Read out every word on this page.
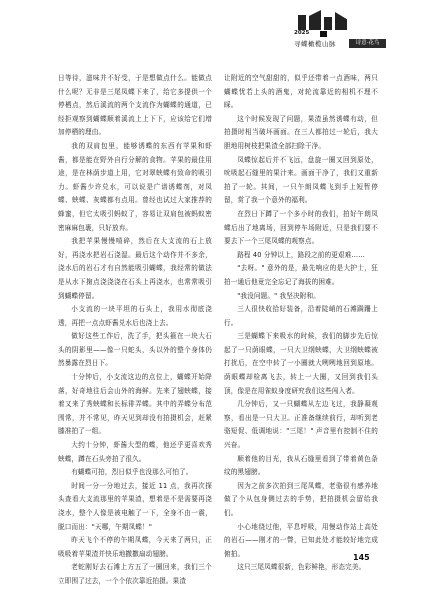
2025
寻蝶橄榄山脉	诗意·花鸟

日等待，滋味并不好受，于是想做点什么。能做点什么呢？无非是三尾凤蝶下来了，给它多提供一个停栖点，然后溪流的两个支流作为蝴蝶的通道，已经拒观察到蝴蝶顺着溪流上上下下，应该给它们增加停栖的理由。

我的双肩包里，能够诱蝶的东西有苹果和虾酱，都是能在野外自行分解的食物。苹果的最佳用途，是在林荫步道上用，它对翠蛱蝶有致命的吸引力。虾酱少许兑水，可以说是广谱诱蝶剂，对凤蝶、蛱蝶、灰蝶都有点用。曾经也试过大家推荐的蜂蜜，但它太吸引蚂蚁了，容易让双肩包被蚂蚁密密麻麻包裹，只好放弃。

我把苹果慢慢啃碎，然后在大支流的石上放好，再浇水把岩石浇湿。最后这个动作并不多余，浇水后的岩石才有自然能吸引蝴蝶，我经常的做法是从水下掬点浇浇浇在石头上再浇水，也常常吸引到蝴蝶停留。

小支流的一块平坦的石头上，我用水彻底浇透，再把一点点虾酱兑水后也浇上去。

做好这些工作后，洗了手，把头箍在一块大石头的阴影里——像一只蛇头，头以外的整个身体仍然暴露在烈日下。

十分钟后，小支流这边的点位上，蝴蝶开始降落，好奇地往后会山外的海鲜。先来了翅蛱蝶，接着又来了秀蛱蝶和长标徘弄蝶。其中的弄蝶分布范围常，并不常见，昨天见到却没有拍摄机会，赶紧膝准拍了一组。

大约十分钟，虾酱大型的蝶，他还乎更喜欢秀蛱蝶，蹲在石头旁拍了很久。

有蝴蝶可拍，烈日似乎也没那么可怕了。

时间一分一分地过去，接近 11 点，我再次探头查看大支流那里的苹果渣，想着是不是需要再浇浇水，整个人像是被电触了一下，全身不由一震，脱口而出："天哪，午期凤蝶！"

昨天飞个不停的午期凤蝶，今天来了两只，正吸吸着苹果渣并快乐地撒撒扇动翅膀。

老蛇刚好去石滩上方五了一圈回来，我们三个立即围了过去，一个个依次靠近拍摄。果渣

让附近的空气甜甜的，似乎还带着一点酒味，两只蝴蝶忧若上头的酒鬼，对轮流靠近的相机不理不睬。

这个时候发现了问题，果渣虽然诱蝶有动，但拍摄时相当破坏画面。在三人都拍过一轮后，我大胆地用树枝把果渣全部扫除干净。

凤蝶惊起后并不飞远，盘旋一圈又回到原处，吮吸起石缝里的果汁来。画面干净了，我们又重新拍了一轮。其间，一只午朗凤蝶飞到手上短暂停留，赏了我一个意外的福利。

在烈日下蹲了一个多小时的我们，拍好午朗凤蝶后出了地离场，回到停车场附近，只是我们要不要去下一个三尾凤蝶的观察点。

路程 40 分钟以上，路段之前的更艰难……

"去呀。" 意外的是，最先响应的是大护士，狂拍一通后他竟完全忘记了海拔的困难。

"我没问题。" 我坚决附和。

三人很快收拾好装备，沿着陡峭的石滩蹒跚上行。

三是蝴蝶下来吸水的时候，我们的脚步先后惊起了一只荫眼蝶，一只大卫纲蛱蝶，大卫纲蛱蝶被打扰后，在空中转了一小圈就大咧咧地回到原地。荫眼蝶却检离飞去，转上一大圈，又回到我们头顶，像是在用雀蚁身度研究我们这些闯入者。

几分钟后，又一只蝴蝶从左边飞过，我静凝观察，看出是一只大卫。正准备继续前行，却听到老骆短促、低调地说："三尾！" 声音里有控制不住的兴奋。

顺着他的目光，我从石缝里看到了带着黄色条纹的黑翅膀。

因为之前多次拍到三尾凤蝶，老骆很有感养地做了个从包身侧过去的手势，把拍摄机会留给我们。

小心地绕过他，平息呼吸，用慢动作站上高处的岩石——刚才的一瞥，已知此处才能较好地完成俯拍。

这只三尾凤蝶很新，色彩鲜艳，形态完美。

145
